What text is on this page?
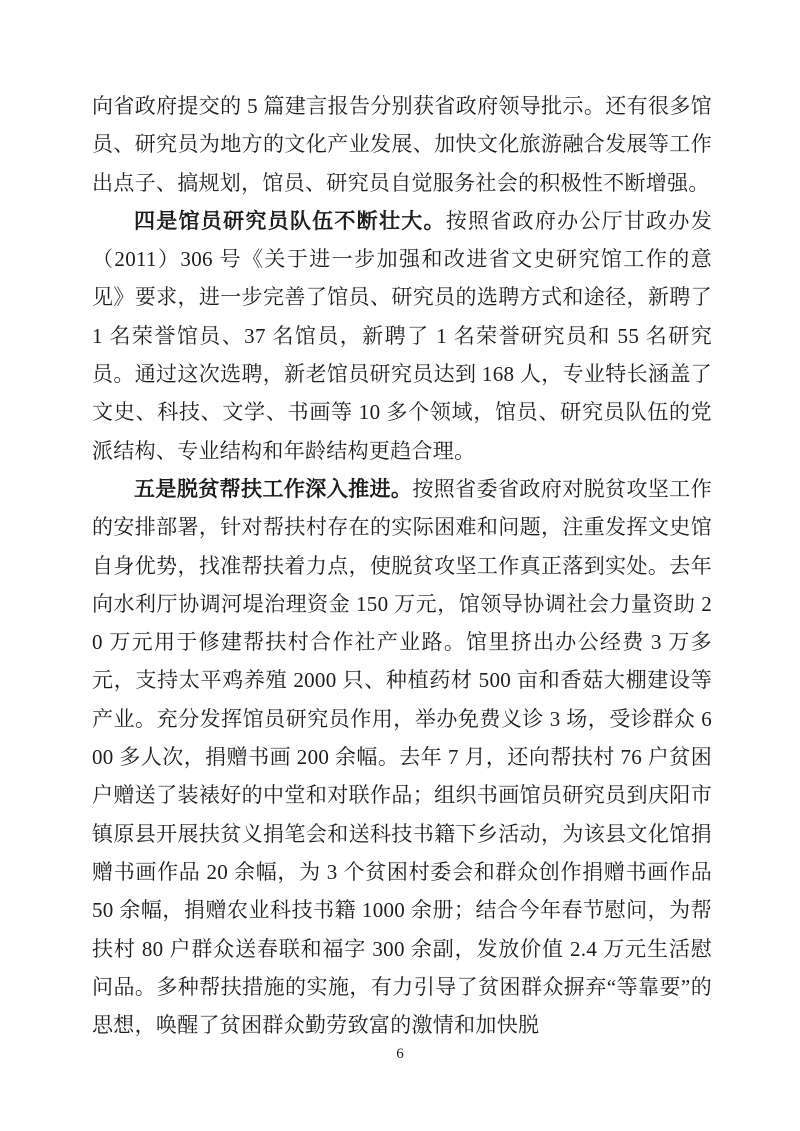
向省政府提交的 5 篇建言报告分别获省政府领导批示。还有很多馆员、研究员为地方的文化产业发展、加快文化旅游融合发展等工作出点子、搞规划，馆员、研究员自觉服务社会的积极性不断增强。

四是馆员研究员队伍不断壮大。按照省政府办公厅甘政办发（2011）306 号《关于进一步加强和改进省文史研究馆工作的意见》要求，进一步完善了馆员、研究员的选聘方式和途径，新聘了 1 名荣誉馆员、37 名馆员，新聘了 1 名荣誉研究员和 55 名研究员。通过这次选聘，新老馆员研究员达到 168 人，专业特长涵盖了文史、科技、文学、书画等 10 多个领域，馆员、研究员队伍的党派结构、专业结构和年龄结构更趋合理。

五是脱贫帮扶工作深入推进。按照省委省政府对脱贫攻坚工作的安排部署，针对帮扶村存在的实际困难和问题，注重发挥文史馆自身优势，找准帮扶着力点，使脱贫攻坚工作真正落到实处。去年向水利厅协调河堤治理资金 150 万元，馆领导协调社会力量资助 20 万元用于修建帮扶村合作社产业路。馆里挤出办公经费 3 万多元，支持太平鸡养殖 2000 只、种植药材 500 亩和香菇大棚建设等产业。充分发挥馆员研究员作用，举办免费义诊 3 场，受诊群众 600 多人次，捐赠书画 200 余幅。去年 7 月，还向帮扶村 76 户贫困户赠送了装裱好的中堂和对联作品；组织书画馆员研究员到庆阳市镇原县开展扶贫义捐笔会和送科技书籍下乡活动，为该县文化馆捐赠书画作品 20 余幅，为 3 个贫困村委会和群众创作捐赠书画作品 50 余幅，捐赠农业科技书籍 1000 余册；结合今年春节慰问，为帮扶村 80 户群众送春联和福字 300 余副，发放价值 2.4 万元生活慰问品。多种帮扶措施的实施，有力引导了贫困群众摒弃“等靠要”的思想，唤醒了贫困群众勤劳致富的激情和加快脱

6
